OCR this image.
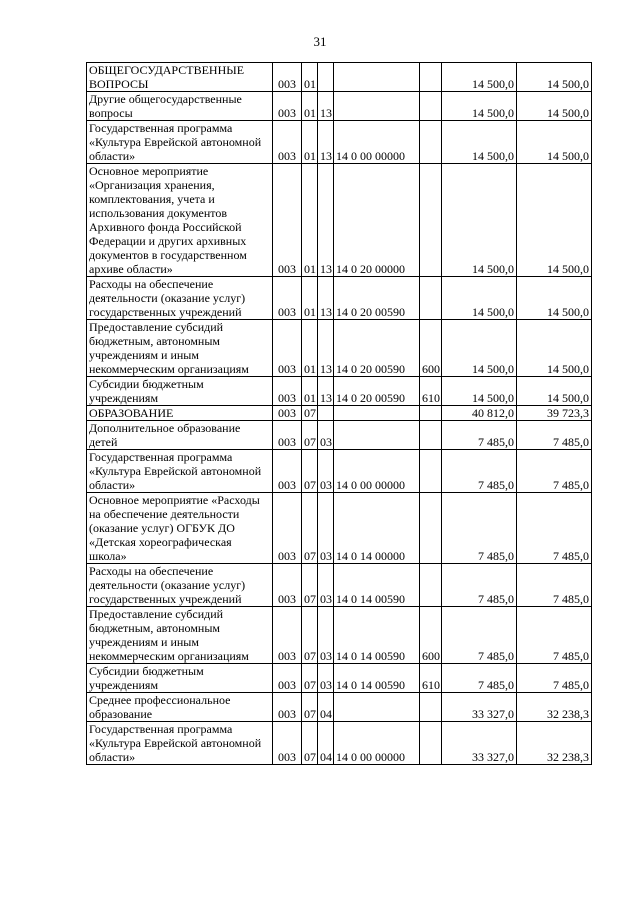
31
ОБЩЕГОСУДАРСТВЕННЫЕ ВОПРОСЫ	003	01				14 500,0	14 500,0
Другие общегосударственные вопросы	003	01	13			14 500,0	14 500,0
Государственная программа «Культура Еврейской автономной области»	003	01	13	14 0 00 00000		14 500,0	14 500,0
Основное мероприятие «Организация хранения, комплектования, учета и использования документов Архивного фонда Российской Федерации и других архивных документов в государственном архиве области»	003	01	13	14 0 20 00000		14 500,0	14 500,0
Расходы на обеспечение деятельности (оказание услуг) государственных учреждений	003	01	13	14 0 20 00590		14 500,0	14 500,0
Предоставление субсидий бюджетным, автономным учреждениям и иным некоммерческим организациям	003	01	13	14 0 20 00590	600	14 500,0	14 500,0
Субсидии бюджетным учреждениям	003	01	13	14 0 20 00590	610	14 500,0	14 500,0
ОБРАЗОВАНИЕ	003	07				40 812,0	39 723,3
Дополнительное образование детей	003	07	03			7 485,0	7 485,0
Государственная программа «Культура Еврейской автономной области»	003	07	03	14 0 00 00000		7 485,0	7 485,0
Основное мероприятие «Расходы на обеспечение деятельности (оказание услуг) ОГБУК ДО «Детская хореографическая школа»	003	07	03	14 0 14 00000		7 485,0	7 485,0
Расходы на обеспечение деятельности (оказание услуг) государственных учреждений	003	07	03	14 0 14 00590		7 485,0	7 485,0
Предоставление субсидий бюджетным, автономным учреждениям и иным некоммерческим организациям	003	07	03	14 0 14 00590	600	7 485,0	7 485,0
Субсидии бюджетным учреждениям	003	07	03	14 0 14 00590	610	7 485,0	7 485,0
Среднее профессиональное образование	003	07	04			33 327,0	32 238,3
Государственная программа «Культура Еврейской автономной области»	003	07	04	14 0 00 00000		33 327,0	32 238,3
